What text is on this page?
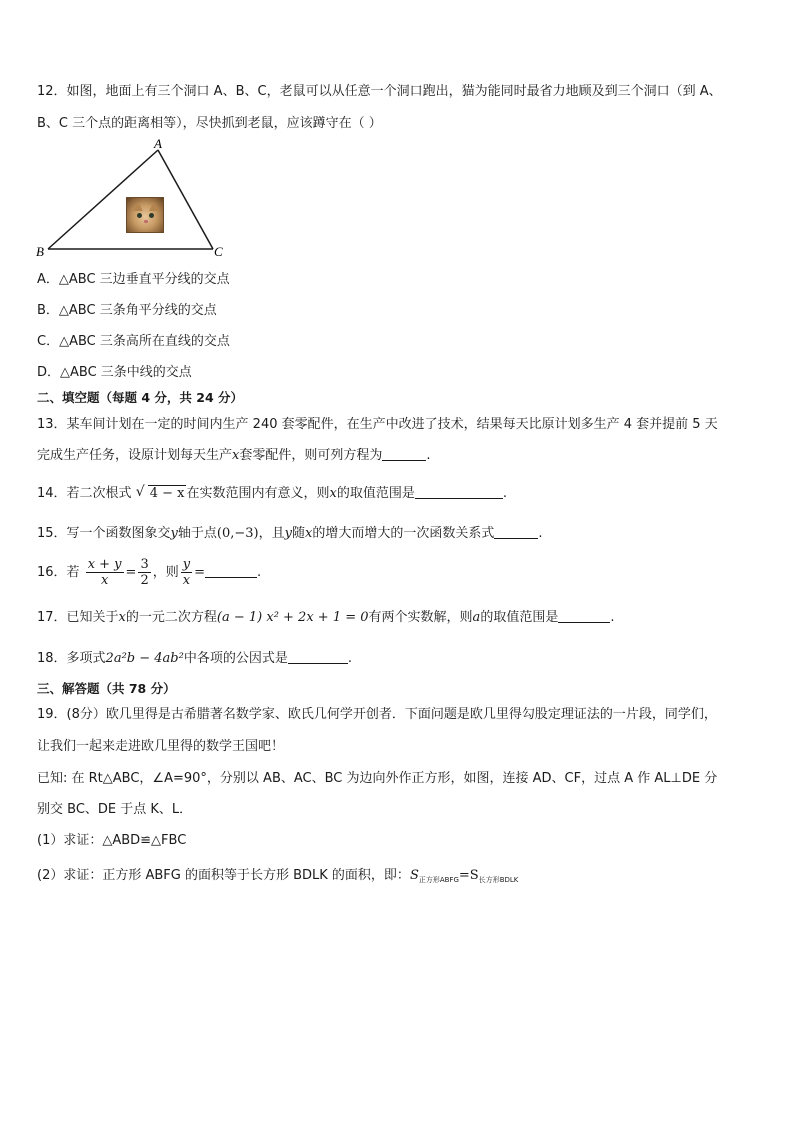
12．如图，地面上有三个洞口 A、B、C，老鼠可以从任意一个洞口跑出，猫为能同时最省力地顾及到三个洞口（到 A、
B、C 三个点的距离相等），尽快抓到老鼠，应该蹲守在（ ）
A
B	C
A．△ABC 三边垂直平分线的交点
B．△ABC 三条角平分线的交点
C．△ABC 三条高所在直线的交点
D．△ABC 三条中线的交点
二、填空题（每题 4 分，共 24 分）
13．某车间计划在一定的时间内生产 240 套零配件，在生产中改进了技术，结果每天比原计划多生产 4 套并提前 5 天
完成生产任务，设原计划每天生产x套零配件，则可列方程为	.
14．若二次根式 √ 4 − x 在实数范围内有意义，则x的取值范围是	.
15．写一个函数图象交y轴于点(0,−3)，且y随x的增大而增大的一次函数关系式	.
16．若 $\frac{x + y}{x} = \frac{3}{2}$ ，则 $\frac{y}{x}$ =	.
17．已知关于x的一元二次方程(a − 1) x² + 2x + 1 = 0有两个实数解，则a的取值范围是	.
18．多项式2a²b − 4ab²中各项的公因式是	.
三、解答题（共 78 分）
19．(8分）欧几里得是古希腊著名数学家、欧氏几何学开创者．下面问题是欧几里得勾股定理证法的一片段，同学们，
让我们一起来走进欧几里得的数学王国吧！
已知: 在 Rt△ABC，∠A=90°，分别以 AB、AC、BC 为边向外作正方形，如图，连接 AD、CF，过点 A 作 AL⊥DE 分
别交 BC、DE 于点 K、L．
(1）求证：△ABD≌△FBC
(2）求证：正方形 ABFG 的面积等于长方形 BDLK 的面积，即：$S_{正方形ABFG}=S_{长方形BDLK}$
